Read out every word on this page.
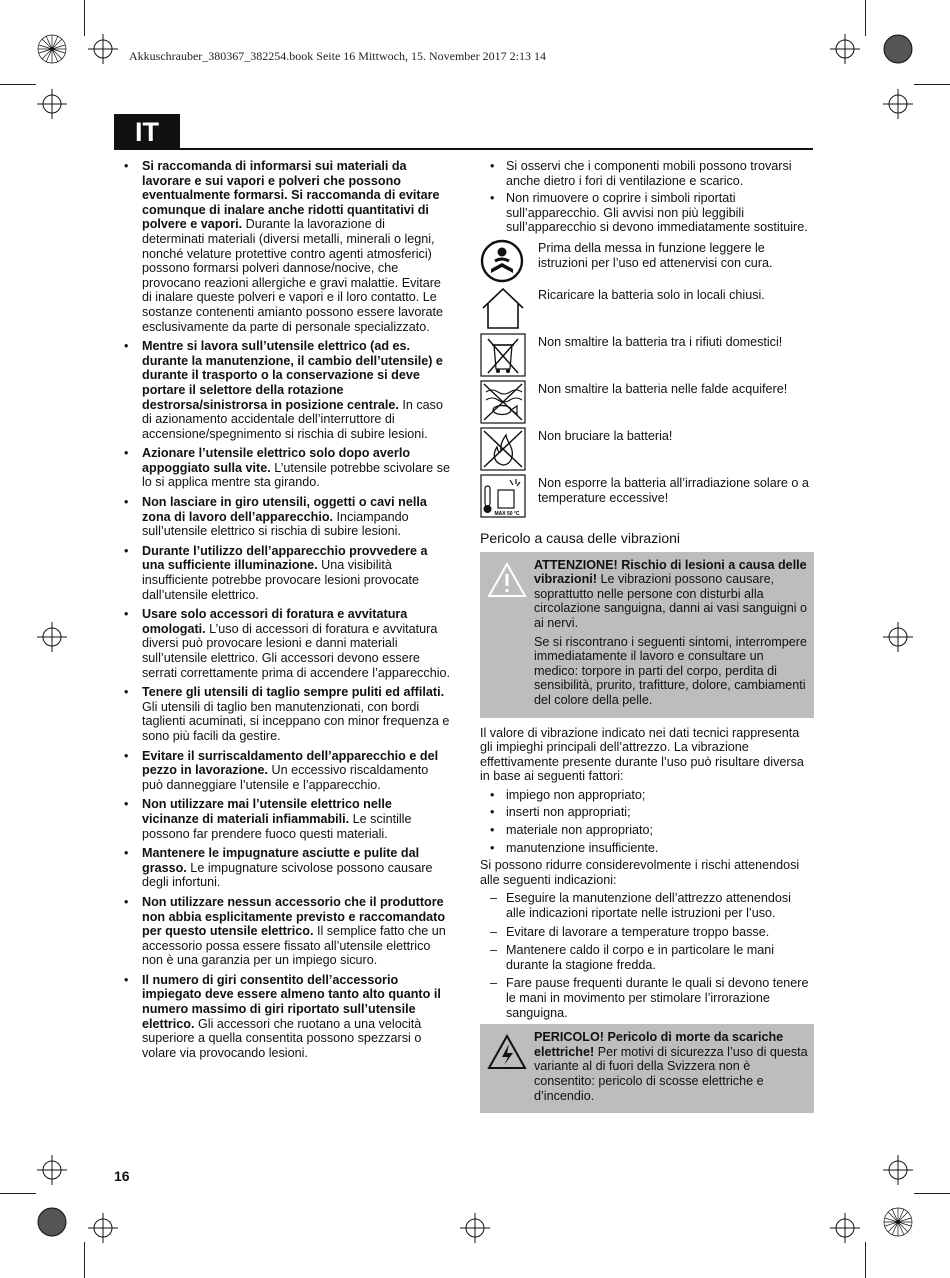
Akkuschrauber_380367_382254.book Seite 16 Mittwoch, 15. November 2017 2:13 14
IT
• Si raccomanda di informarsi sui materiali da lavorare e sui vapori e polveri che possono eventualmente formarsi. Si raccomanda di evitare comunque di inalare anche ridotti quantitativi di polvere e vapori. Durante la lavorazione di determinati materiali (diversi metalli, minerali o legni, nonché velature protettive contro agenti atmosferici) possono formarsi polveri dannose/nocive, che provocano reazioni allergiche e gravi malattie. Evitare di inalare queste polveri e vapori e il loro contatto. Le sostanze contenenti amianto possono essere lavorate esclusivamente da parte di personale specializzato.
• Mentre si lavora sull’utensile elettrico (ad es. durante la manutenzione, il cambio dell’utensile) e durante il trasporto o la conservazione si deve portare il selettore della rotazione destrorsa/sinistrorsa in posizione centrale. In caso di azionamento accidentale dell’interruttore di accensione/spegnimento si rischia di subire lesioni.
• Azionare l’utensile elettrico solo dopo averlo appoggiato sulla vite. L’utensile potrebbe scivolare se lo si applica mentre sta girando.
• Non lasciare in giro utensili, oggetti o cavi nella zona di lavoro dell’apparecchio. Inciampando sull’utensile elettrico si rischia di subire lesioni.
• Durante l’utilizzo dell’apparecchio provvedere a una sufficiente illuminazione. Una visibilità insufficiente potrebbe provocare lesioni provocate dall’utensile elettrico.
• Usare solo accessori di foratura e avvitatura omologati. L’uso di accessori di foratura e avvitatura diversi può provocare lesioni e danni materiali sull’utensile elettrico. Gli accessori devono essere serrati correttamente prima di accendere l’apparecchio.
• Tenere gli utensili di taglio sempre puliti ed affilati. Gli utensili di taglio ben manutenzionati, con bordi taglienti acuminati, si inceppano con minor frequenza e sono più facili da gestire.
• Evitare il surriscaldamento dell’apparecchio e del pezzo in lavorazione. Un eccessivo riscaldamento può danneggiare l’utensile e l’apparecchio.
• Non utilizzare mai l’utensile elettrico nelle vicinanze di materiali infiammabili. Le scintille possono far prendere fuoco questi materiali.
• Mantenere le impugnature asciutte e pulite dal grasso. Le impugnature scivolose possono causare degli infortuni.
• Non utilizzare nessun accessorio che il produttore non abbia esplicitamente previsto e raccomandato per questo utensile elettrico. Il semplice fatto che un accessorio possa essere fissato all’utensile elettrico non è una garanzia per un impiego sicuro.
• Il numero di giri consentito dell’accessorio impiegato deve essere almeno tanto alto quanto il numero massimo di giri riportato sull’utensile elettrico. Gli accessori che ruotano a una velocità superiore a quella consentita possono spezzarsi o volare via provocando lesioni.
• Si osservi che i componenti mobili possono trovarsi anche dietro i fori di ventilazione e scarico.
• Non rimuovere o coprire i simboli riportati sull’apparecchio. Gli avvisi non più leggibili sull’apparecchio si devono immediatamente sostituire.
Prima della messa in funzione leggere le istruzioni per l’uso ed attenervisi con cura.
Ricaricare la batteria solo in locali chiusi.
Non smaltire la batteria tra i rifiuti domestici!
Non smaltire la batteria nelle falde acquifere!
Non bruciare la batteria!
MAX 50 °C
Non esporre la batteria all’irradiazione solare o a temperature eccessive!
Pericolo a causa delle vibrazioni

ATTENZIONE! Rischio di lesioni a causa delle vibrazioni! Le vibrazioni possono causare, soprattutto nelle persone con disturbi alla circolazione sanguigna, danni ai vasi sanguigni o ai nervi.

Se si riscontrano i seguenti sintomi, interrompere immediatamente il lavoro e consultare un medico: torpore in parti del corpo, perdita di sensibilità, prurito, trafitture, dolore, cambiamenti del colore della pelle.

Il valore di vibrazione indicato nei dati tecnici rappresenta gli impieghi principali dell’attrezzo. La vibrazione effettivamente presente durante l’uso può risultare diversa in base ai seguenti fattori:

• impiego non appropriato;
• inserti non appropriati;
• materiale non appropriato;
• manutenzione insufficiente.

Si possono ridurre considerevolmente i rischi attenendosi alle seguenti indicazioni:

– Eseguire la manutenzione dell’attrezzo attenendosi alle indicazioni riportate nelle istruzioni per l’uso.
– Evitare di lavorare a temperature troppo basse.
– Mantenere caldo il corpo e in particolare le mani durante la stagione fredda.
– Fare pause frequenti durante le quali si devono tenere le mani in movimento per stimolare l’irrorazione sanguigna.

PERICOLO! Pericolo di morte da scariche elettriche! Per motivi di sicurezza l’uso di questa variante al di fuori della Svizzera non è consentito: pericolo di scosse elettriche e d’incendio.

16
